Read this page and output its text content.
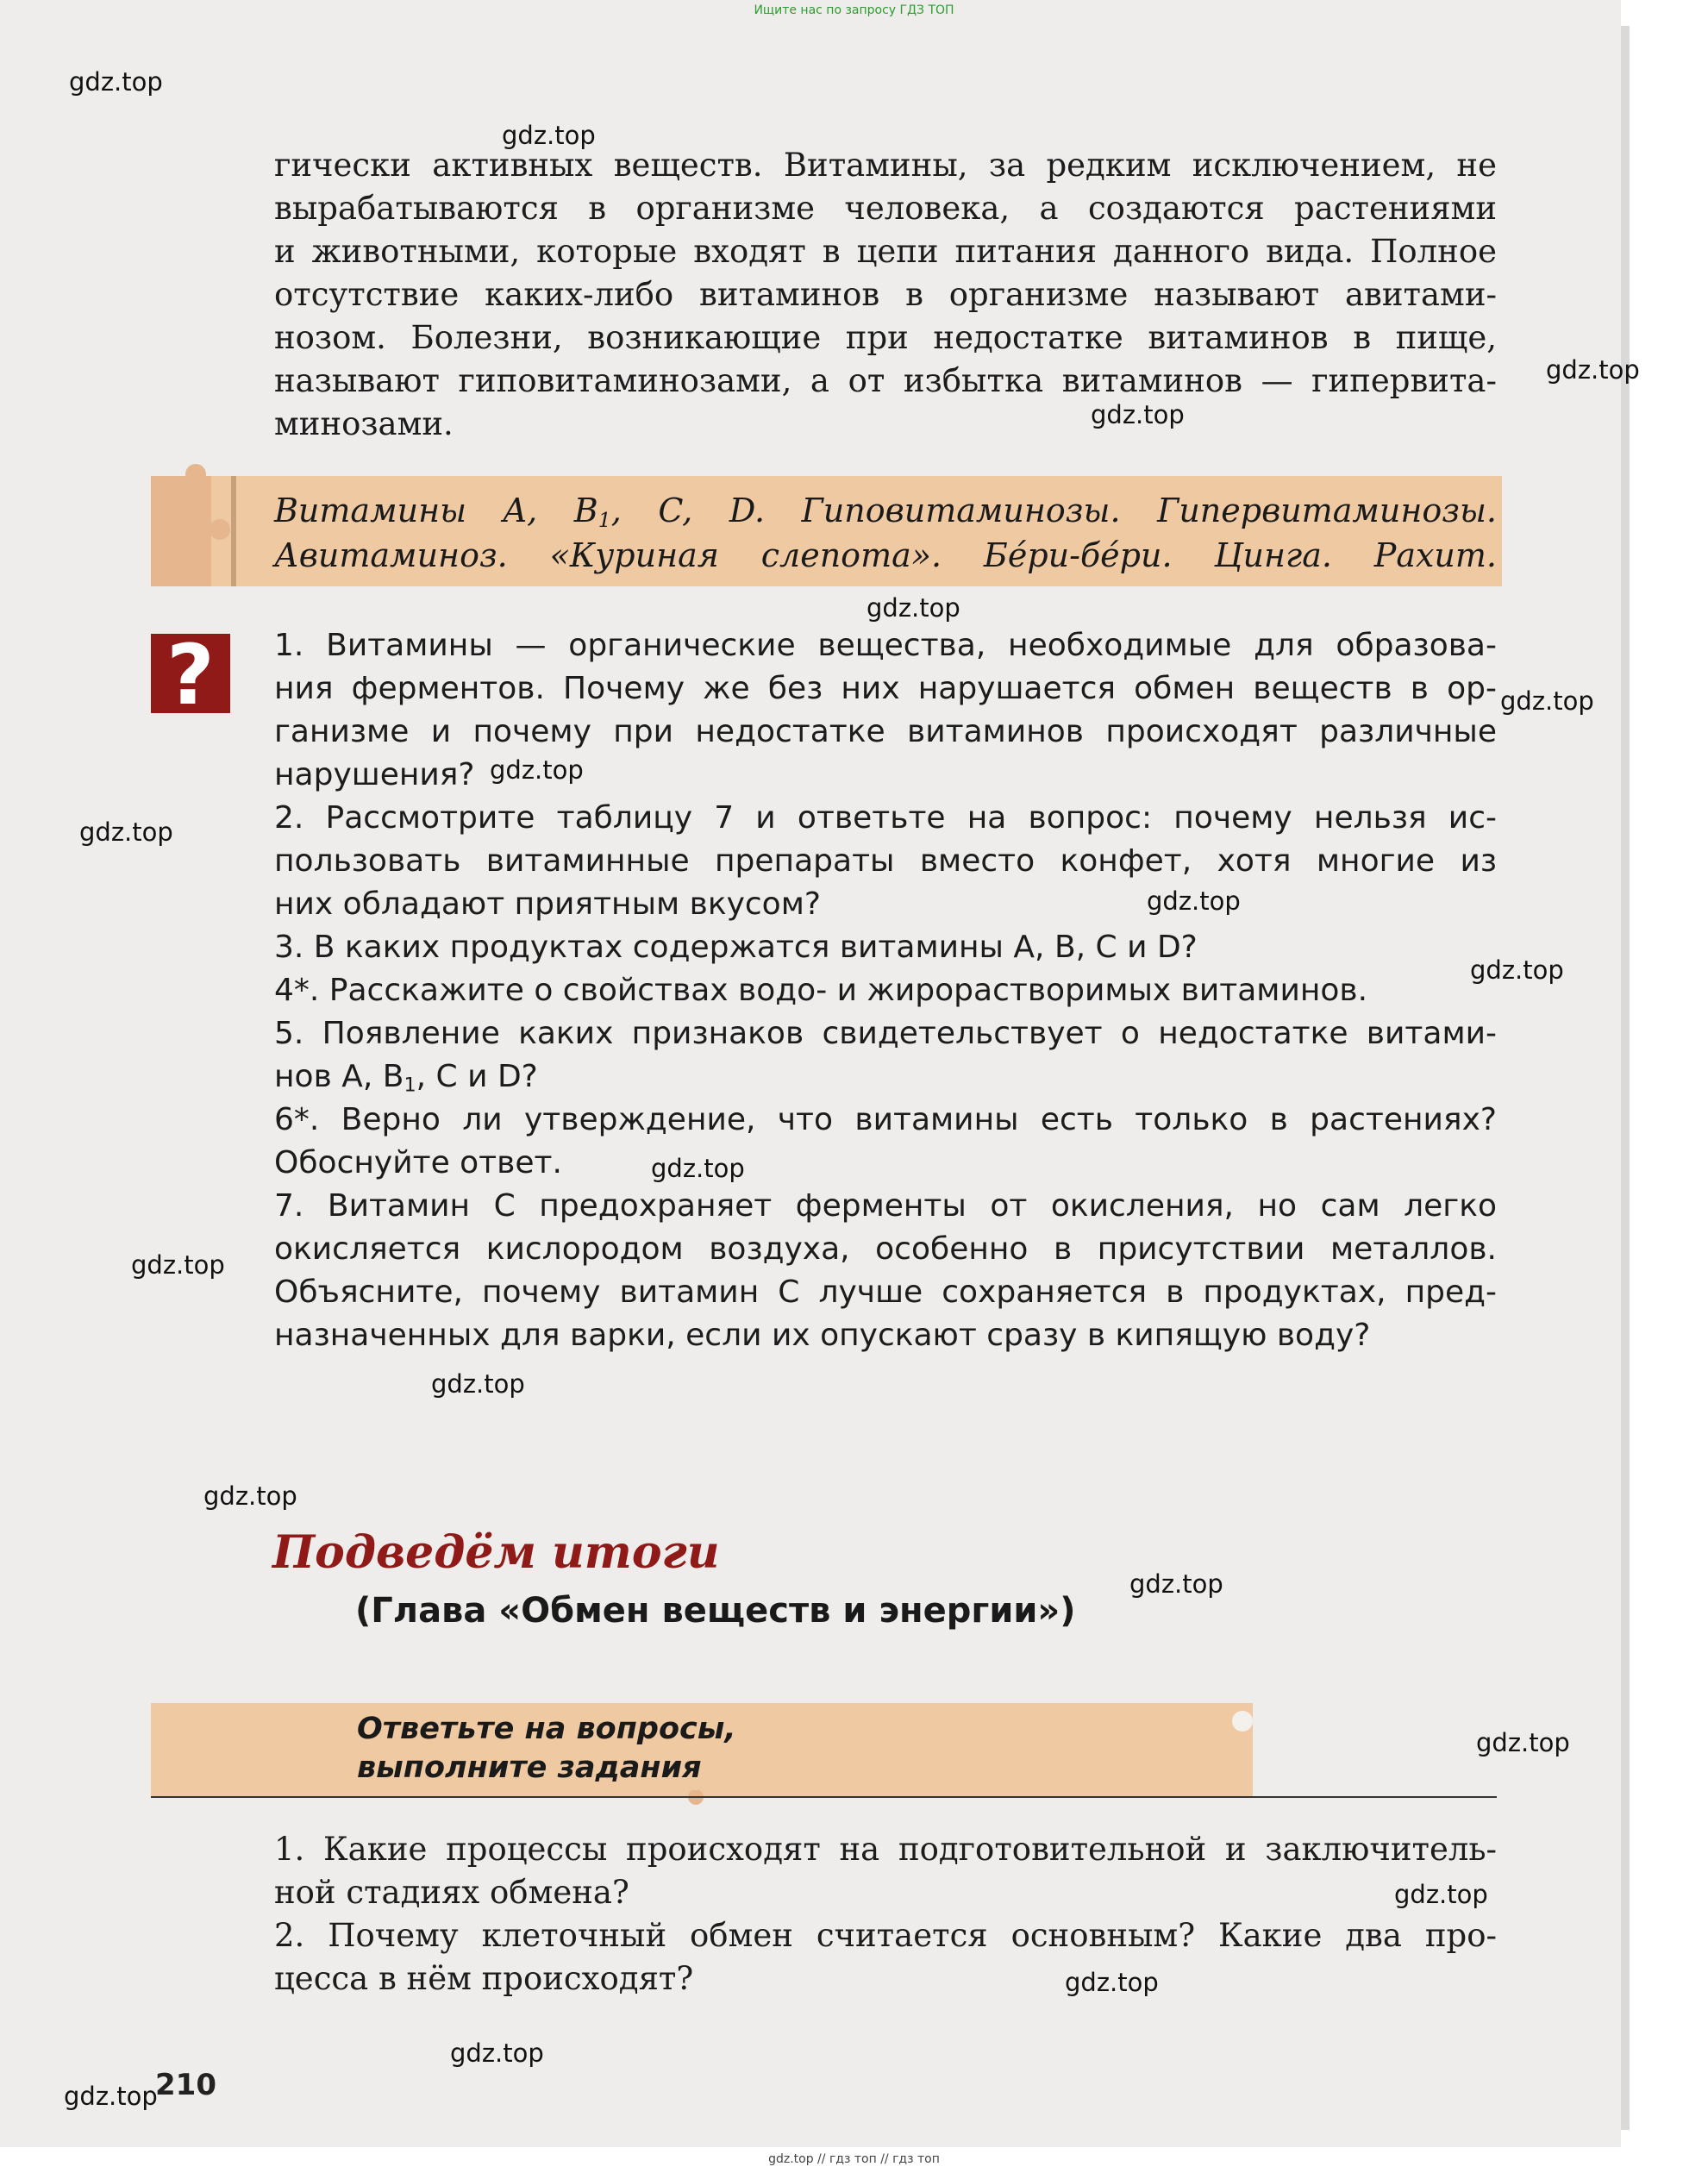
Ищите нас по запросу ГДЗ ТОП
гически активных веществ. Витамины, за редким исключением, не
вырабатываются в организме человека, а создаются растениями
и животными, которые входят в цепи питания данного вида. Полное
отсутствие каких-либо витаминов в организме называют авитами-
нозом. Болезни, возникающие при недостатке витаминов в пище,
называют гиповитаминозами, а от избытка витаминов — гипервита-
минозами.
Витамины A, $B_1$, C, D. Гиповитаминозы. Гипервитаминозы.
Авитаминоз. «Куриная слепота». Бéри-бéри. Цинга. Рахит.
?	1. Витамины — органические вещества, необходимые для образова-
ния ферментов. Почему же без них нарушается обмен веществ в ор-
ганизме и почему при недостатке витаминов происходят различные
нарушения?
2. Рассмотрите таблицу 7 и ответьте на вопрос: почему нельзя ис-
пользовать витаминные препараты вместо конфет, хотя многие из
них обладают приятным вкусом?
3. В каких продуктах содержатся витамины A, B, C и D?
4*. Расскажите о свойствах водо- и жирорастворимых витаминов.
5. Появление каких признаков свидетельствует о недостатке витами-
нов A, $B_1$, C и D?
6*. Верно ли утверждение, что витамины есть только в растениях?
Обоснуйте ответ.
7. Витамин C предохраняет ферменты от окисления, но сам легко
окисляется кислородом воздуха, особенно в присутствии металлов.
Объясните, почему витамин C лучше сохраняется в продуктах, пред-
назначенных для варки, если их опускают сразу в кипящую воду?
Подведём итоги
(Глава «Обмен веществ и энергии»)
Ответьте на вопросы,
выполните задания
1. Какие процессы происходят на подготовительной и заключитель-
ной стадиях обмена?
2. Почему клеточный обмен считается основным? Какие два про-
цесса в нём происходят?
210
gdz.top
gdz.top
gdz.top
gdz.top
gdz.top
gdz.top
gdz.top
gdz.top
gdz.top
gdz.top
gdz.top
gdz.top
gdz.top
gdz.top
gdz.top
gdz.top
gdz.top
gdz.top
gdz.top
gdz.top
gdz.top // гдз топ // гдз топ
